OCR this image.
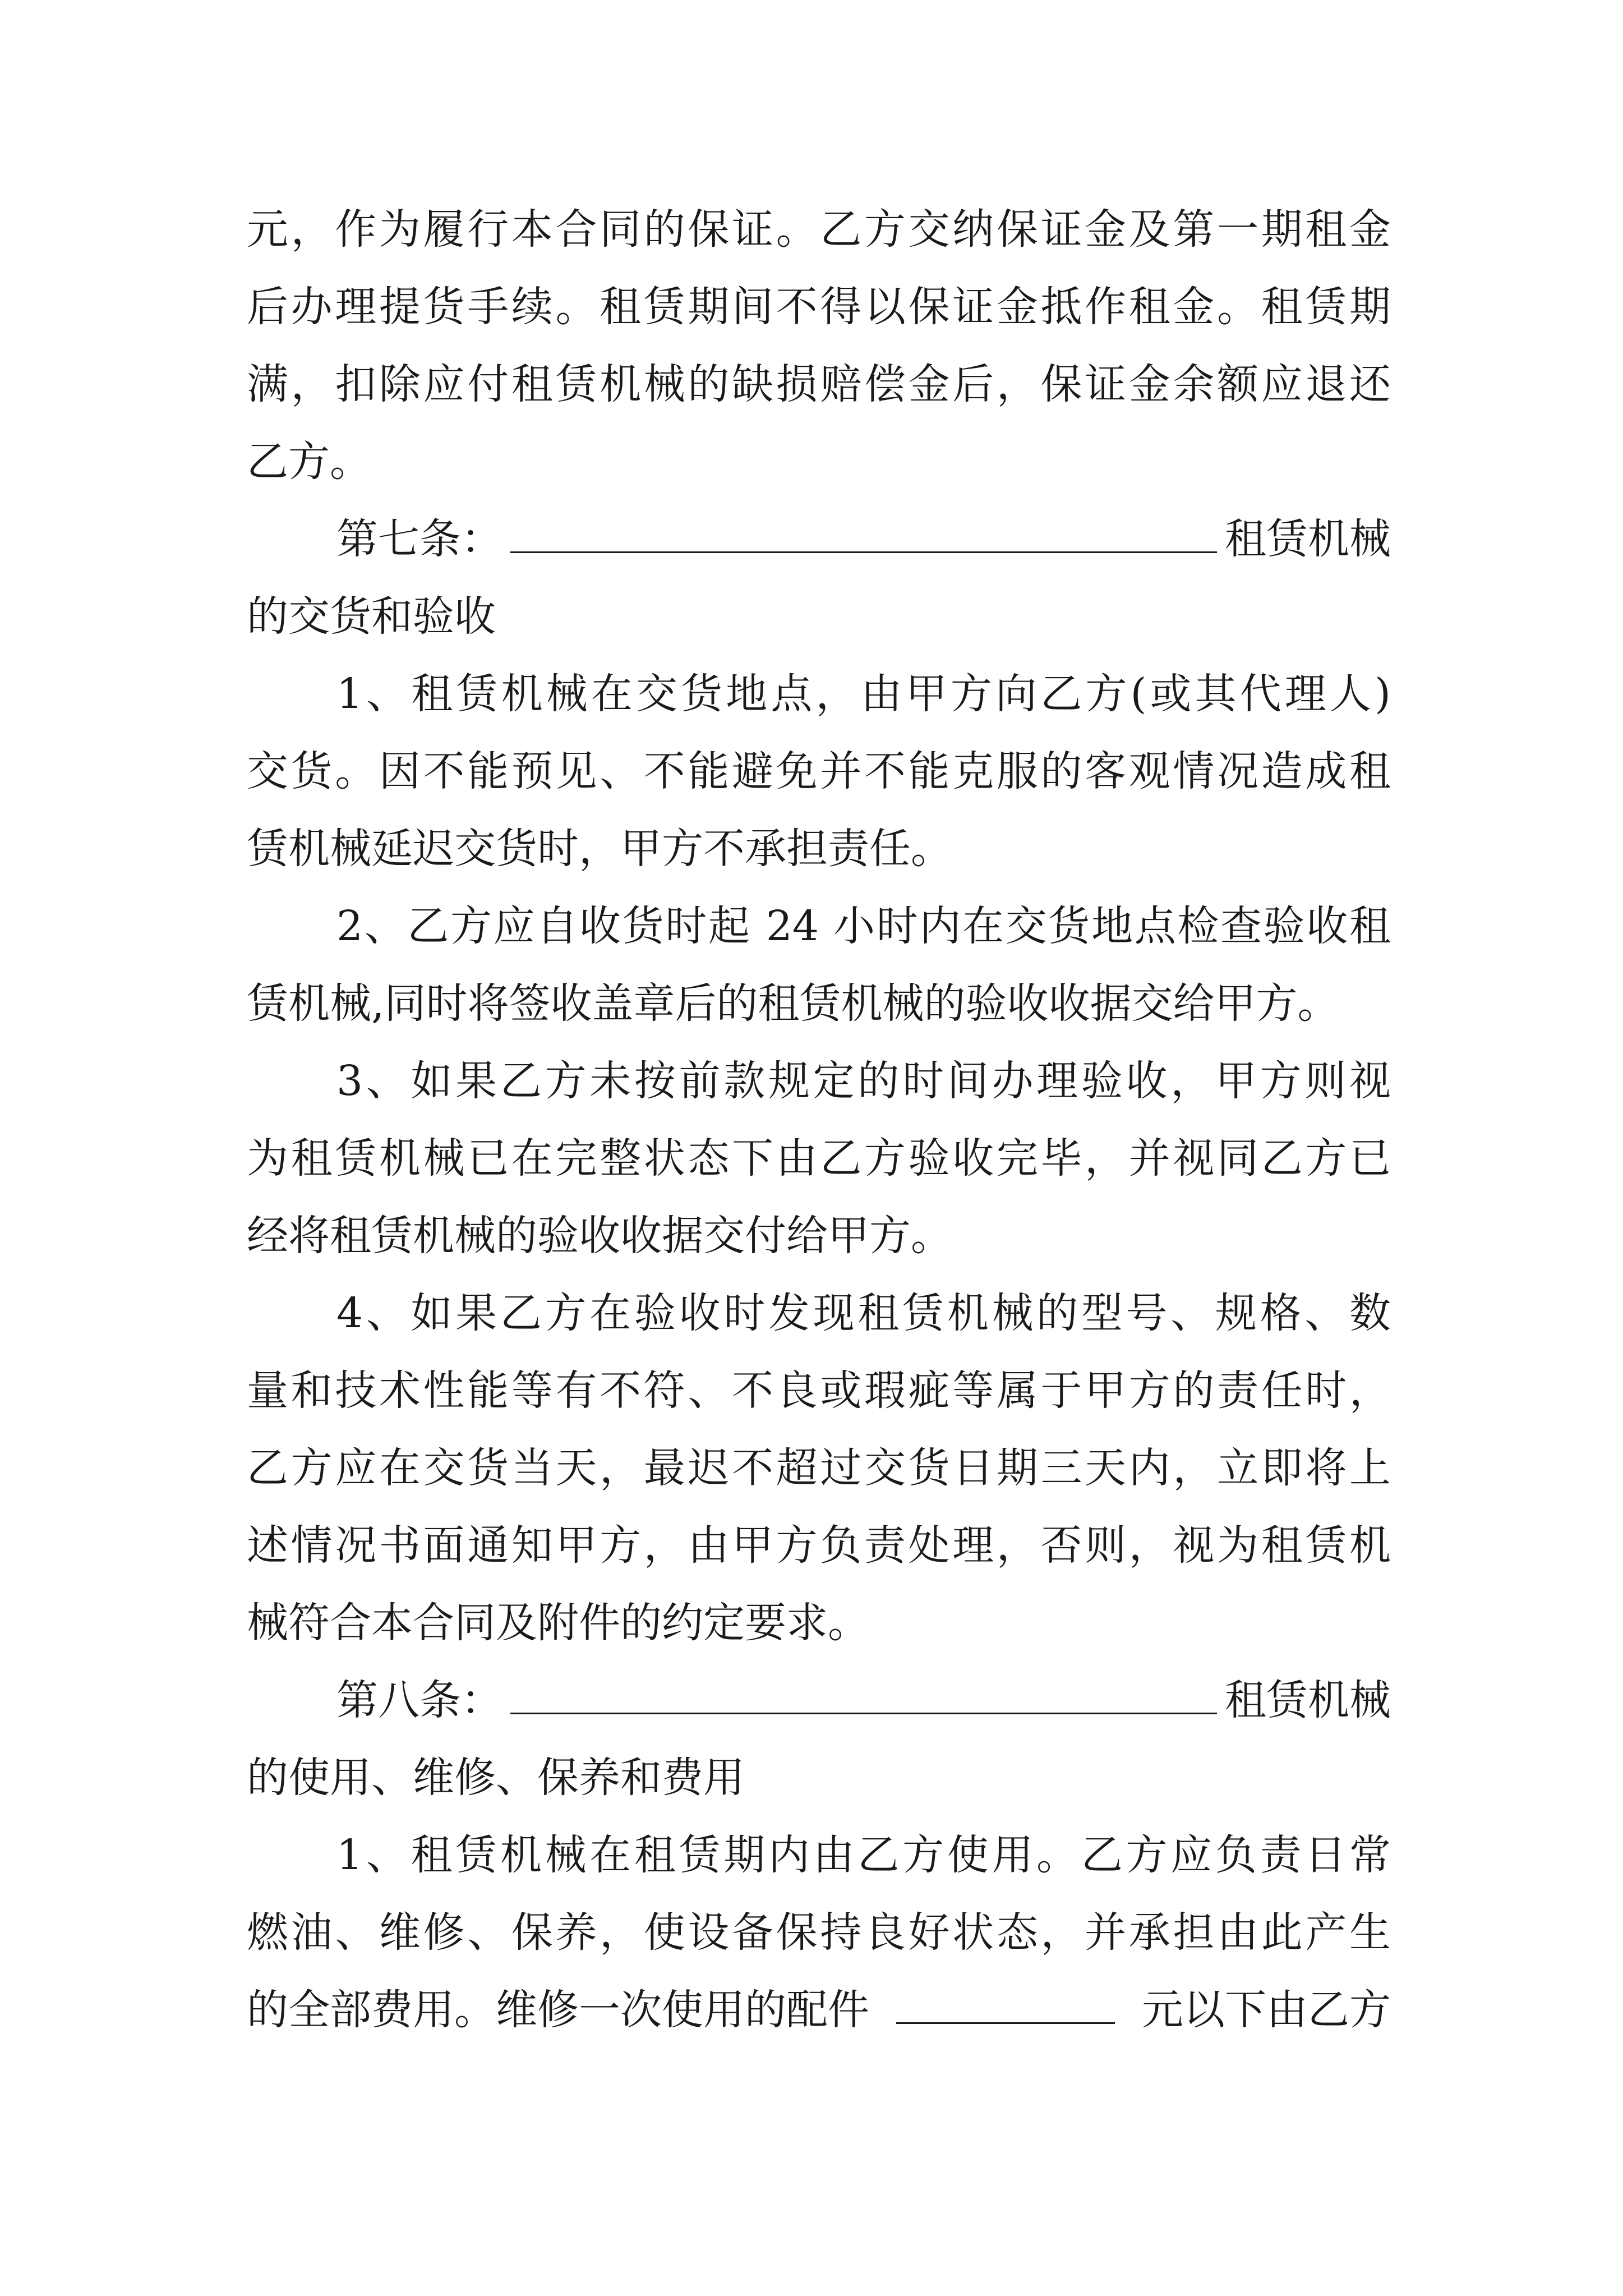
元，作为履行本合同的保证。乙方交纳保证金及第一期租金
后办理提货手续。租赁期间不得以保证金抵作租金。租赁期
满，扣除应付租赁机械的缺损赔偿金后，保证金余额应退还
乙方。
第七条：	租赁机械
的交货和验收
1、租赁机械在交货地点，由甲方向乙方(或其代理人)
交货。因不能预见、不能避免并不能克服的客观情况造成租
赁机械延迟交货时，甲方不承担责任。
2、乙方应自收货时起 24 小时内在交货地点检查验收租
赁机械,同时将签收盖章后的租赁机械的验收收据交给甲方。
3、如果乙方未按前款规定的时间办理验收，甲方则视
为租赁机械已在完整状态下由乙方验收完毕，并视同乙方已
经将租赁机械的验收收据交付给甲方。
4、如果乙方在验收时发现租赁机械的型号、规格、数
量和技术性能等有不符、不良或瑕疵等属于甲方的责任时，
乙方应在交货当天，最迟不超过交货日期三天内，立即将上
述情况书面通知甲方，由甲方负责处理，否则，视为租赁机
械符合本合同及附件的约定要求。
第八条：	租赁机械
的使用、维修、保养和费用
1、租赁机械在租赁期内由乙方使用。乙方应负责日常
燃油、维修、保养，使设备保持良好状态，并承担由此产生
的全部费用。维修一次使用的配件	元以下由乙方
